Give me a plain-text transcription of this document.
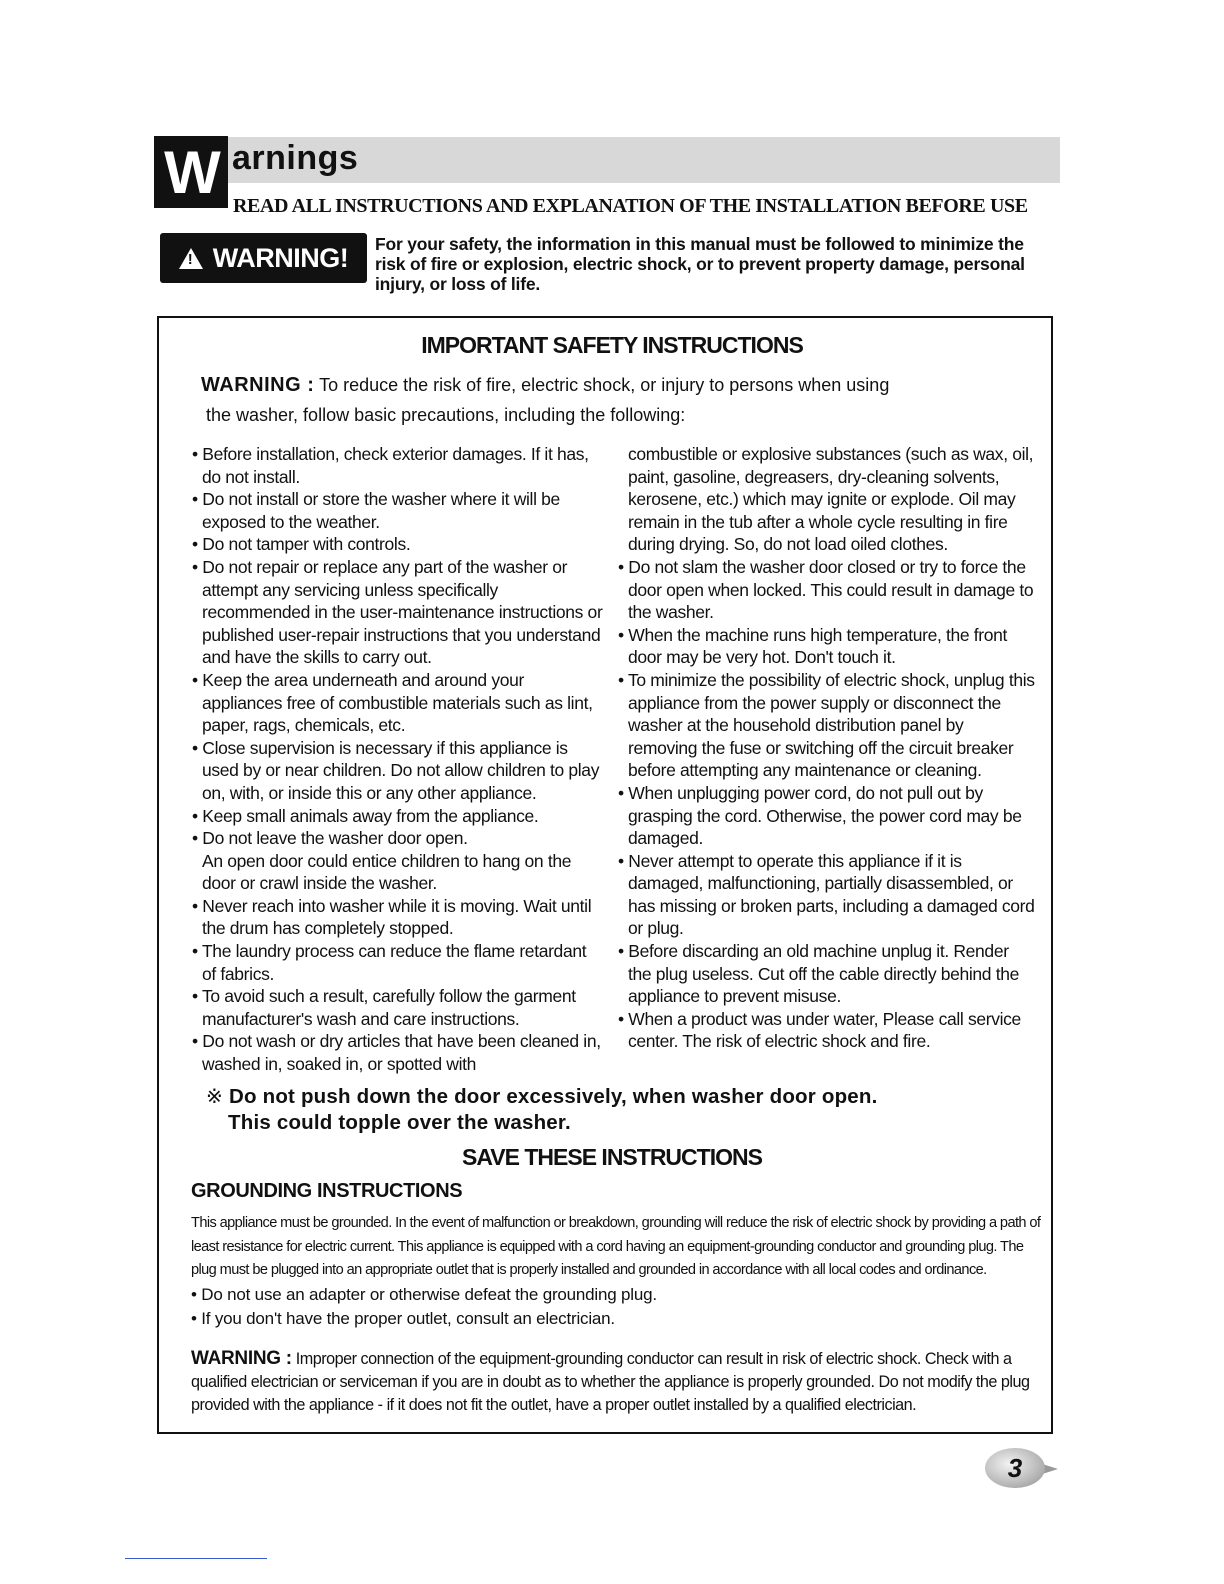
W arnings
READ ALL INSTRUCTIONS AND EXPLANATION OF THE INSTALLATION BEFORE USE
!
WARNING! For your safety, the information in this manual must be followed to minimize the risk of fire or explosion, electric shock, or to prevent property damage, personal injury, or loss of life.
IMPORTANT SAFETY INSTRUCTIONS
WARNING : To reduce the risk of fire, electric shock, or injury to persons when using
the washer, follow basic precautions, including the following:

• Before installation, check exterior damages. If it has, do not install.

• Do not install or store the washer where it will be exposed to the weather.

• Do not tamper with controls.

• Do not repair or replace any part of the washer or attempt any servicing unless specifically recommended in the user-maintenance instructions or published user-repair instructions that you understand and have the skills to carry out.

• Keep the area underneath and around your appliances free of combustible materials such as lint, paper, rags, chemicals, etc.

• Close supervision is necessary if this appliance is used by or near children. Do not allow children to play on, with, or inside this or any other appliance.

• Keep small animals away from the appliance.

• Do not leave the washer door open.

An open door could entice children to hang on the door or crawl inside the washer.

• Never reach into washer while it is moving. Wait until the drum has completely stopped.

• The laundry process can reduce the flame retardant of fabrics.

• To avoid such a result, carefully follow the garment manufacturer's wash and care instructions.

• Do not wash or dry articles that have been cleaned in, washed in, soaked in, or spotted with

combustible or explosive substances (such as wax, oil, paint, gasoline, degreasers, dry-cleaning solvents, kerosene, etc.) which may ignite or explode. Oil may remain in the tub after a whole cycle resulting in fire during drying. So, do not load oiled clothes.

• Do not slam the washer door closed or try to force the door open when locked. This could result in damage to the washer.

• When the machine runs high temperature, the front door may be very hot. Don't touch it.

• To minimize the possibility of electric shock, unplug this appliance from the power supply or disconnect the washer at the household distribution panel by removing the fuse or switching off the circuit breaker before attempting any maintenance or cleaning.

• When unplugging power cord, do not pull out by grasping the cord. Otherwise, the power cord may be damaged.

• Never attempt to operate this appliance if it is damaged, malfunctioning, partially disassembled, or has missing or broken parts, including a damaged cord or plug.

• Before discarding an old machine unplug it. Render the plug useless. Cut off the cable directly behind the appliance to prevent misuse.

• When a product was under water, Please call service center. The risk of electric shock and fire.

※ Do not push down the door excessively, when washer door open.
This could topple over the washer.
SAVE THESE INSTRUCTIONS
GROUNDING INSTRUCTIONS
This appliance must be grounded. In the event of malfunction or breakdown, grounding will reduce the risk of electric shock by providing a path of least resistance for electric current. This appliance is equipped with a cord having an equipment-grounding conductor and grounding plug. The plug must be plugged into an appropriate outlet that is properly installed and grounded in accordance with all local codes and ordinance.

• Do not use an adapter or otherwise defeat the grounding plug.

• If you don't have the proper outlet, consult an electrician.

WARNING : Improper connection of the equipment-grounding conductor can result in risk of electric shock. Check with a qualified electrician or serviceman if you are in doubt as to whether the appliance is properly grounded. Do not modify the plug provided with the appliance - if it does not fit the outlet, have a proper outlet installed by a qualified electrician.
3
